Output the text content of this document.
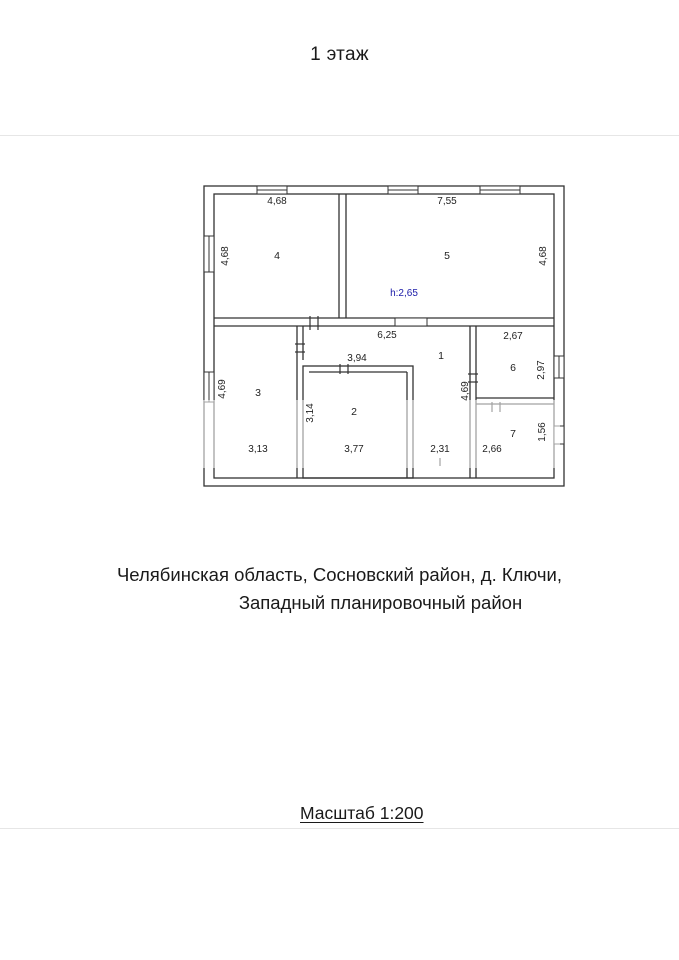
1 этаж
4	5
1
3
2
6
7
4,68
4,68
7,55
4,68
h:2,65
6,25
4,69
4,69
3,13
3,94
3,14
3,77
2,67
2,97
2,66
1,56
2,31
Челябинская область, Сосновский район, д. Ключи,
Западный планировочный район
Масштаб 1:200
